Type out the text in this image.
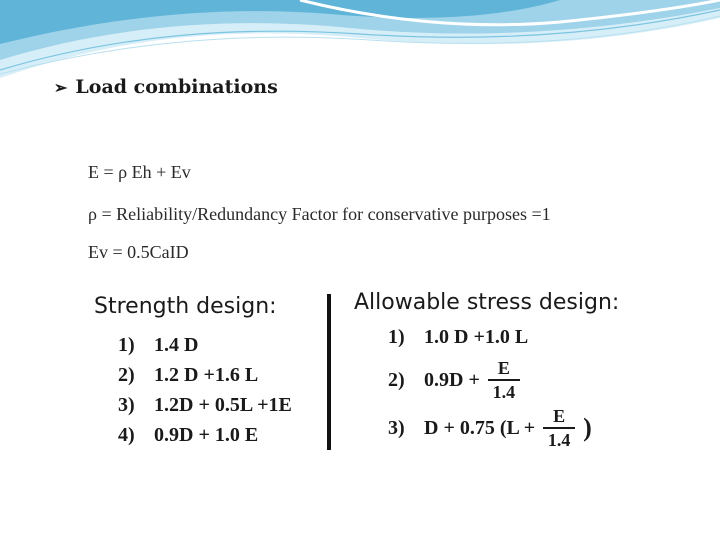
➢ Load combinations
E = ρ Eh + Ev
ρ = Reliability/Redundancy Factor for conservative purposes =1
Ev = 0.5CaID
Strength design:
1) 1.4 D
2) 1.2 D +1.6 L
3) 1.2D + 0.5L +1E
4) 0.9D + 1.0 E
Allowable stress design:
1) 1.0 D +1.0 L
2) $0.9D + \frac{E}{1.4}$
3) D + 0.75 ($L + \frac{E}{1.4}$ )
